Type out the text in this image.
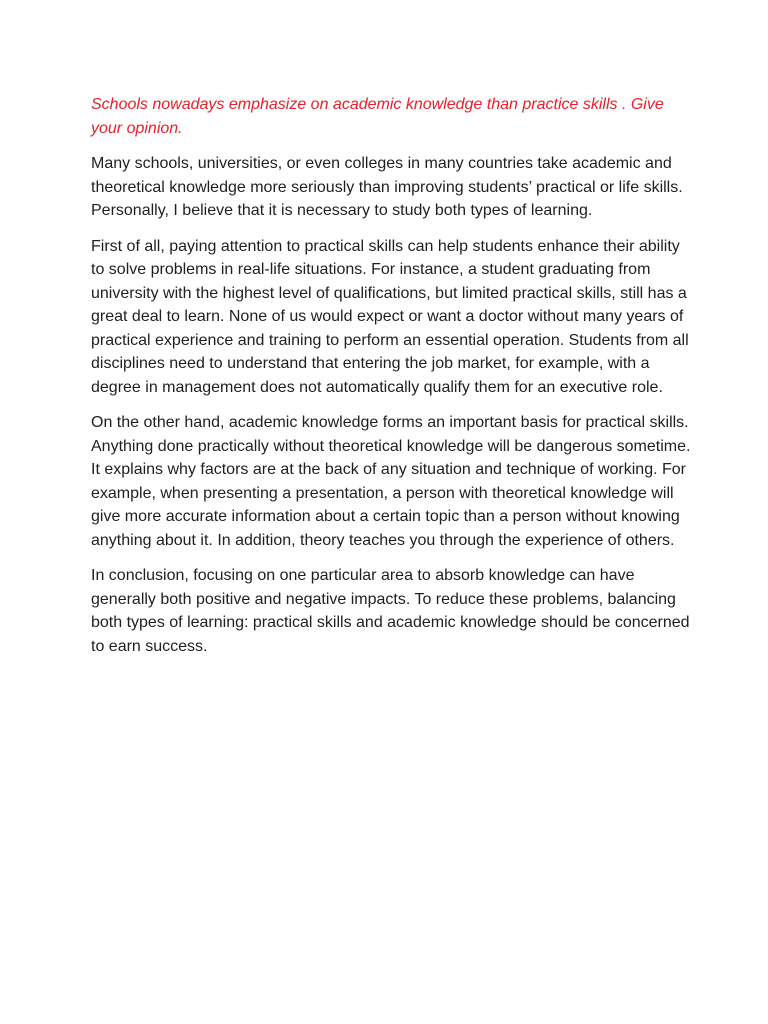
Schools nowadays emphasize on academic knowledge than practice skills . Give your opinion.

Many schools, universities, or even colleges in many countries take academic and theoretical knowledge more seriously than improving students’ practical or life skills. Personally, I believe that it is necessary to study both types of learning.

First of all, paying attention to practical skills can help students enhance their ability to solve problems in real-life situations. For instance, a student graduating from university with the highest level of qualifications, but limited practical skills, still has a great deal to learn. None of us would expect or want a doctor without many years of practical experience and training to perform an essential operation. Students from all disciplines need to understand that entering the job market, for example, with a degree in management does not automatically qualify them for an executive role.

On the other hand, academic knowledge forms an important basis for practical skills. Anything done practically without theoretical knowledge will be dangerous sometime. It explains why factors are at the back of any situation and technique of working. For example, when presenting a presentation, a person with theoretical knowledge will give more accurate information about a certain topic than a person without knowing anything about it. In addition, theory teaches you through the experience of others.

In conclusion, focusing on one particular area to absorb knowledge can have generally both positive and negative impacts. To reduce these problems, balancing both types of learning: practical skills and academic knowledge should be concerned to earn success.
